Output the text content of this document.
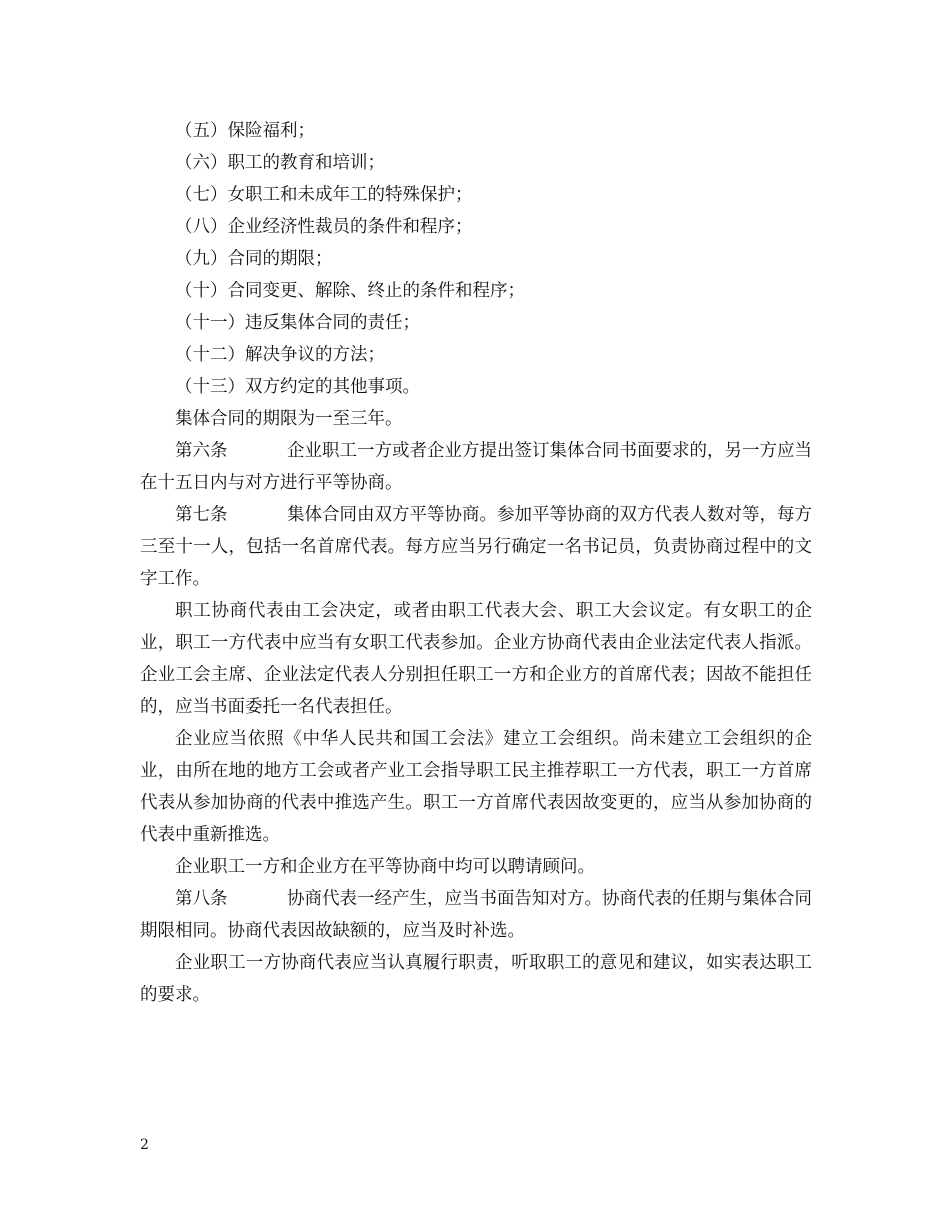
（五）保险福利；

（六）职工的教育和培训；

（七）女职工和未成年工的特殊保护；

（八）企业经济性裁员的条件和程序；

（九）合同的期限；

（十）合同变更、解除、终止的条件和程序；

（十一）违反集体合同的责任；

（十二）解决争议的方法；

（十三）双方约定的其他事项。

集体合同的期限为一至三年。

第六条	企业职工一方或者企业方提出签订集体合同书面要求的，另一方应当在十五日内与对方进行平等协商。

第七条	集体合同由双方平等协商。参加平等协商的双方代表人数对等，每方三至十一人，包括一名首席代表。每方应当另行确定一名书记员，负责协商过程中的文字工作。

职工协商代表由工会决定，或者由职工代表大会、职工大会议定。有女职工的企业，职工一方代表中应当有女职工代表参加。企业方协商代表由企业法定代表人指派。企业工会主席、企业法定代表人分别担任职工一方和企业方的首席代表；因故不能担任的，应当书面委托一名代表担任。

企业应当依照《中华人民共和国工会法》建立工会组织。尚未建立工会组织的企业，由所在地的地方工会或者产业工会指导职工民主推荐职工一方代表，职工一方首席代表从参加协商的代表中推选产生。职工一方首席代表因故变更的，应当从参加协商的代表中重新推选。

企业职工一方和企业方在平等协商中均可以聘请顾问。

第八条	协商代表一经产生，应当书面告知对方。协商代表的任期与集体合同期限相同。协商代表因故缺额的，应当及时补选。

企业职工一方协商代表应当认真履行职责，听取职工的意见和建议，如实表达职工的要求。

2
